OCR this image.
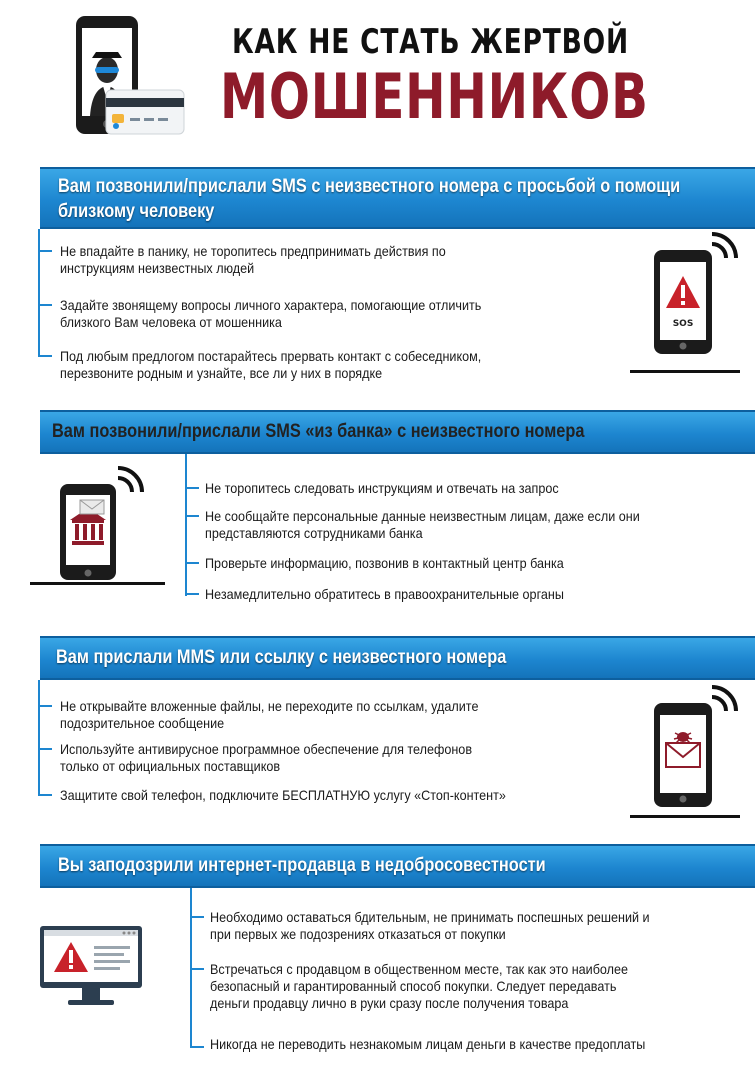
КАК НЕ СТАТЬ ЖЕРТВОЙ
МОШЕННИКОВ
Вам позвонили/прислали SMS с неизвестного номера с просьбой о помощи
близкому человеку
Не впадайте в панику, не торопитесь предпринимать действия по
инструкциям неизвестных людей
Задайте звонящему вопросы личного характера, помогающие отличить
близкого Вам человека от мошенника
Под любым предлогом постарайтесь прервать контакт с собеседником,
перезвоните родным и узнайте, все ли у них в порядке
SOS
Вам позвонили/прислали SMS «из банка» с неизвестного номера
Не торопитесь следовать инструкциям и отвечать на запрос
Не сообщайте персональные данные неизвестным лицам, даже если они
представляются сотрудниками банка
Проверьте информацию, позвонив в контактный центр банка
Незамедлительно обратитесь в правоохранительные органы
Вам прислали MMS или ссылку с неизвестного номера
Не открывайте вложенные файлы, не переходите по ссылкам, удалите
подозрительное сообщение
Используйте антивирусное программное обеспечение для телефонов
только от официальных поставщиков
Защитите свой телефон, подключите БЕСПЛАТНУЮ услугу «Стоп-контент»
Вы заподозрили интернет-продавца в недобросовестности
Необходимо оставаться бдительным, не принимать поспешных решений и
при первых же подозрениях отказаться от покупки
Встречаться с продавцом в общественном месте, так как это наиболее
безопасный и гарантированный способ покупки. Следует передавать
деньги продавцу лично в руки сразу после получения товара
Никогда не переводить незнакомым лицам деньги в качестве предоплаты
